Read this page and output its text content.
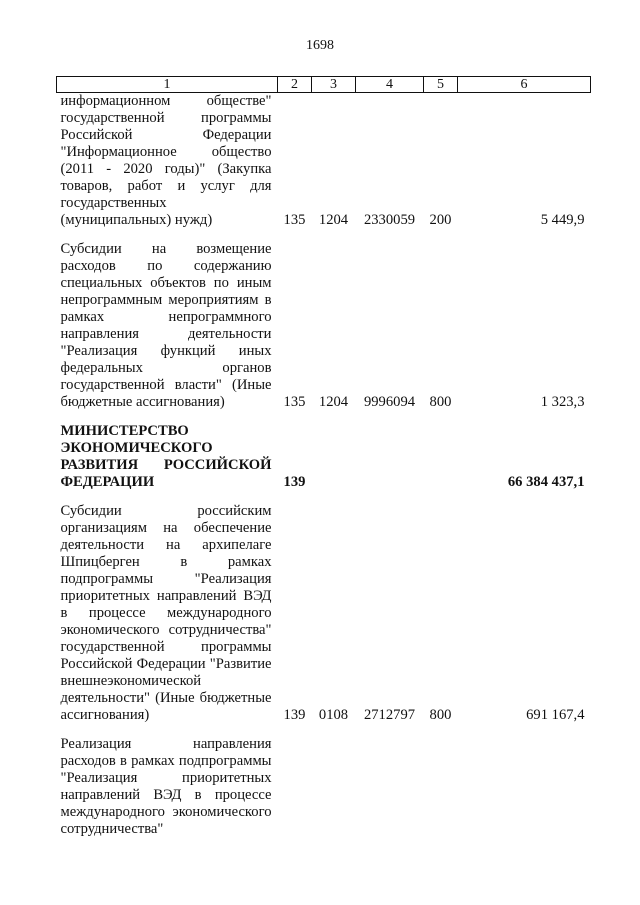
1698
1	2	3	4	5	6
информационном обществе" государственной программы Российской Федерации "Информационное общество (2011 - 2020 годы)" (Закупка товаров, работ и услуг для государственных (муниципальных) нужд)	135	1204	2330059	200	5 449,9

Субсидии на возмещение расходов по содержанию специальных объектов по иным непрограммным мероприятиям в рамках непрограммного направления деятельности "Реализация функций иных федеральных органов государственной власти" (Иные бюджетные ассигнования)	135	1204	9996094	800	1 323,3

МИНИСТЕРСТВО ЭКОНОМИЧЕСКОГО РАЗВИТИЯ РОССИЙСКОЙ ФЕДЕРАЦИИ	139				66 384 437,1

Субсидии российским организациям на обеспечение деятельности на архипелаге Шпицберген в рамках подпрограммы "Реализация приоритетных направлений ВЭД в процессе международного экономического сотрудничества" государственной программы Российской Федерации "Развитие внешнеэкономической деятельности" (Иные бюджетные ассигнования)	139	0108	2712797	800	691 167,4

Реализация направления расходов в рамках подпрограммы "Реализация приоритетных направлений ВЭД в процессе международного экономического сотрудничества"					
